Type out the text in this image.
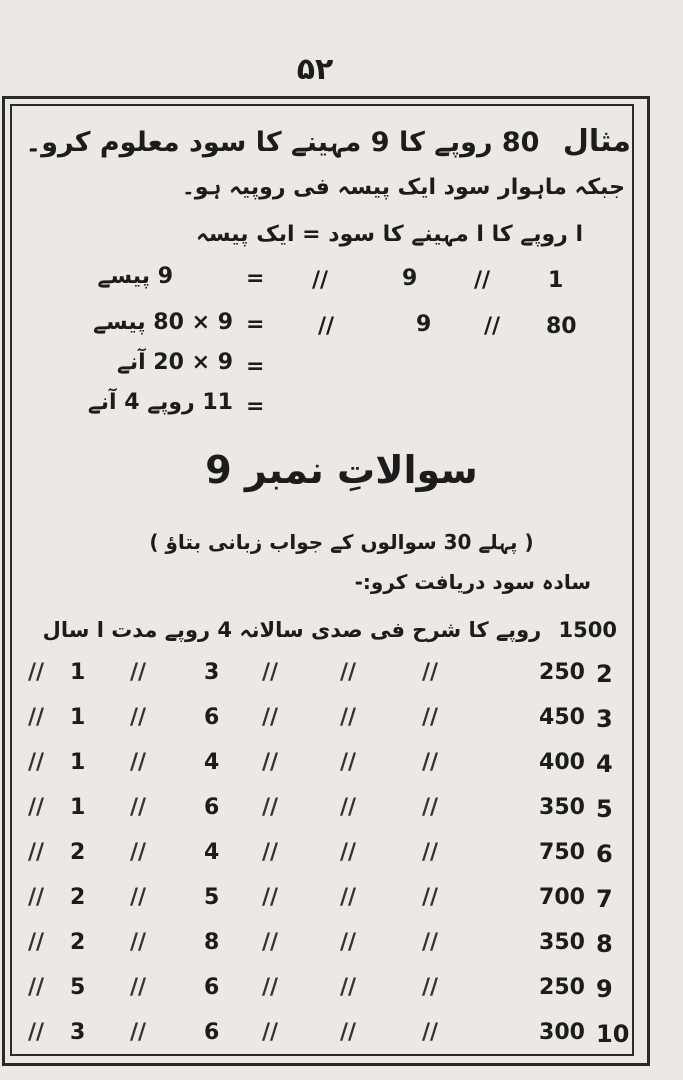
۵۲
مثال 80 روپے کا 9 مہینے کا سود معلوم کرو۔
جبکہ ماہوار سود ایک پیسہ فی روپیہ ہو۔
ا روپے کا ا مہینے کا سود = ایک پیسہ
1
//
9
//
=
9 پیسے
80
//
9
//
=
9 × 80 پیسے
=
9 × 20 آنے
=
11 روپے 4 آنے
سوالاتِ نمبر 9
( پہلے 30 سوالوں کے جواب زبانی بتاؤ )
سادہ سود دریافت کرو:-
1500 روپے کا شرح فی صدی سالانہ 4 روپے مدت ا سال
2
250
//
//
//
3
//
1
//
3
450
//
//
//
6
//
1
//
4
400
//
//
//
4
//
1
//
5
350
//
//
//
6
//
1
//
6
750
//
//
//
4
//
2
//
7
700
//
//
//
5
//
2
//
8
350
//
//
//
8
//
2
//
9
250
//
//
//
6
//
5
//
10
300
//
//
//
6
//
3
//
